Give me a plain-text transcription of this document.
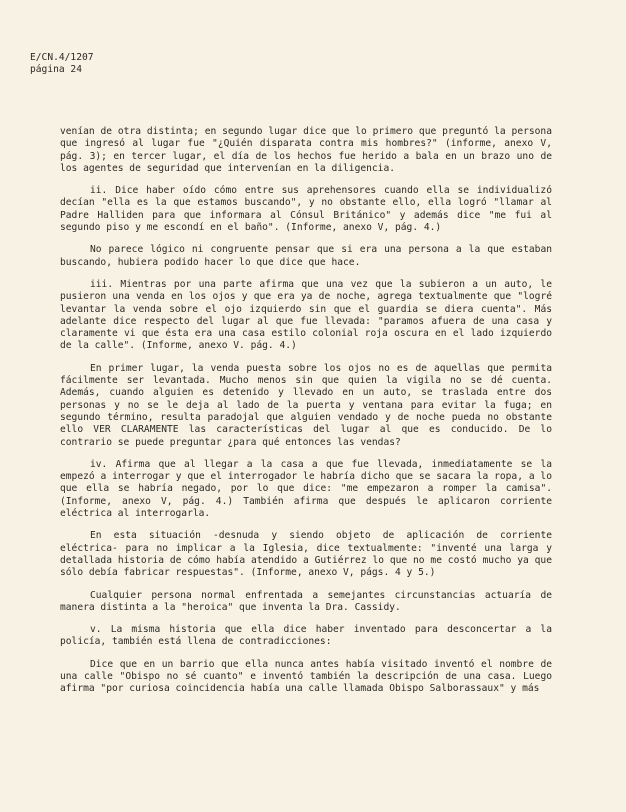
E/CN.4/1207
página 24

venían de otra distinta; en segundo lugar dice que lo primero que preguntó la persona que ingresó al lugar fue "¿Quién disparata contra mis hombres?" (informe, anexo V, pág. 3); en tercer lugar, el día de los hechos fue herido a bala en un brazo uno de los agentes de seguridad que intervenían en la diligencia.

ii. Dice haber oído cómo entre sus aprehensores cuando ella se individualizó decían "ella es la que estamos buscando", y no obstante ello, ella logró "llamar al Padre Halliden para que informara al Cónsul Británico" y además dice "me fui al segundo piso y me escondí en el baño". (Informe, anexo V, pág. 4.)

No parece lógico ni congruente pensar que si era una persona a la que estaban buscando, hubiera podido hacer lo que dice que hace.

iii. Mientras por una parte afirma que una vez que la subieron a un auto, le pusieron una venda en los ojos y que era ya de noche, agrega textualmente que "logré levantar la venda sobre el ojo izquierdo sin que el guardia se diera cuenta". Más adelante dice respecto del lugar al que fue llevada: "paramos afuera de una casa y claramente vi que ésta era una casa estilo colonial roja oscura en el lado izquierdo de la calle". (Informe, anexo V. pág. 4.)

En primer lugar, la venda puesta sobre los ojos no es de aquellas que permita fácilmente ser levantada. Mucho menos sin que quien la vigila no se dé cuenta. Además, cuando alguien es detenido y llevado en un auto, se traslada entre dos personas y no se le deja al lado de la puerta y ventana para evitar la fuga; en segundo término, resulta paradojal que alguien vendado y de noche pueda no obstante ello VER CLARAMENTE las características del lugar al que es conducido. De lo contrario se puede preguntar ¿para qué entonces las vendas?

iv. Afirma que al llegar a la casa a que fue llevada, inmediatamente se la empezó a interrogar y que el interrogador le habría dicho que se sacara la ropa, a lo que ella se habría negado, por lo que dice: "me empezaron a romper la camisa". (Informe, anexo V, pág. 4.) También afirma que después le aplicaron corriente eléctrica al interrogarla.

En esta situación -desnuda y siendo objeto de aplicación de corriente eléctrica- para no implicar a la Iglesia, dice textualmente: "inventé una larga y detallada historia de cómo había atendido a Gutiérrez lo que no me costó mucho ya que sólo debía fabricar respuestas". (Informe, anexo V, págs. 4 y 5.)

Cualquier persona normal enfrentada a semejantes circunstancias actuaría de manera distinta a la "heroica" que inventa la Dra. Cassidy.

v. La misma historia que ella dice haber inventado para desconcertar a la policía, también está llena de contradicciones:

Dice que en un barrio que ella nunca antes había visitado inventó el nombre de una calle "Obispo no sé cuanto" e inventó también la descripción de una casa. Luego afirma "por curiosa coincidencia había una calle llamada Obispo Salborassaux" y más
